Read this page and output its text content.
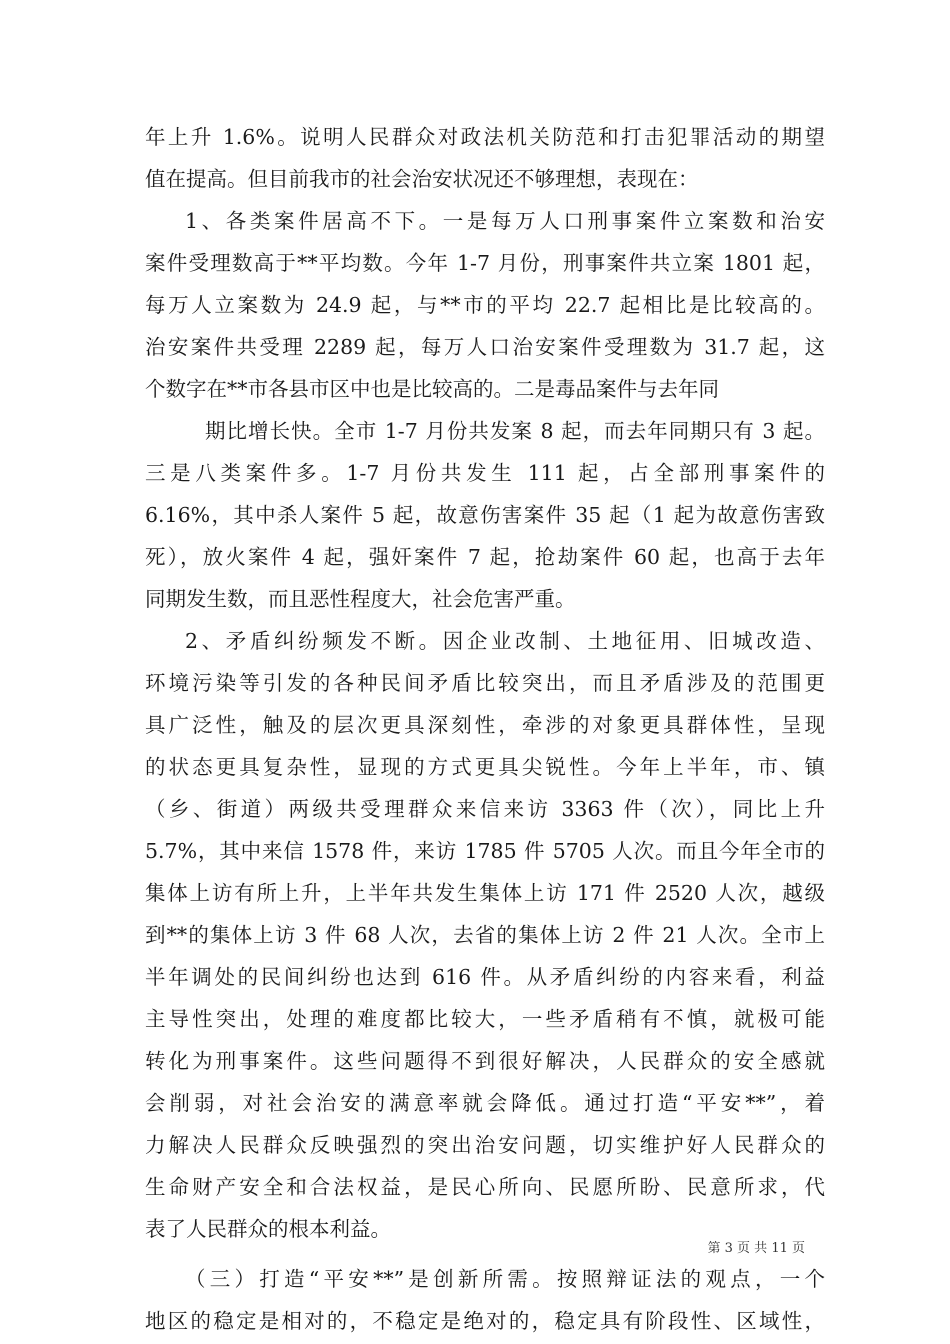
年上升 1.6%。说明人民群众对政法机关防范和打击犯罪活动的期望
值在提高。但目前我市的社会治安状况还不够理想，表现在：
1、各类案件居高不下。一是每万人口刑事案件立案数和治安
案件受理数高于**平均数。今年 1-7 月份，刑事案件共立案 1801 起，
每万人立案数为 24.9 起，与**市的平均 22.7 起相比是比较高的。
治安案件共受理 2289 起，每万人口治安案件受理数为 31.7 起，这
个数字在**市各县市区中也是比较高的。二是毒品案件与去年同
期比增长快。全市 1-7 月份共发案 8 起，而去年同期只有 3 起。
三是八类案件多。1-7 月份共发生 111 起，占全部刑事案件的
6.16%，其中杀人案件 5 起，故意伤害案件 35 起（1 起为故意伤害致
死），放火案件 4 起，强奸案件 7 起，抢劫案件 60 起，也高于去年
同期发生数，而且恶性程度大，社会危害严重。
2、矛盾纠纷频发不断。因企业改制、土地征用、旧城改造、
环境污染等引发的各种民间矛盾比较突出，而且矛盾涉及的范围更
具广泛性，触及的层次更具深刻性，牵涉的对象更具群体性，呈现
的状态更具复杂性，显现的方式更具尖锐性。今年上半年，市、镇
（乡、街道）两级共受理群众来信来访 3363 件（次），同比上升
5.7%，其中来信 1578 件，来访 1785 件 5705 人次。而且今年全市的
集体上访有所上升，上半年共发生集体上访 171 件 2520 人次，越级
到**的集体上访 3 件 68 人次，去省的集体上访 2 件 21 人次。全市上
半年调处的民间纠纷也达到 616 件。从矛盾纠纷的内容来看，利益
主导性突出，处理的难度都比较大，一些矛盾稍有不慎，就极可能
转化为刑事案件。这些问题得不到很好解决，人民群众的安全感就
会削弱，对社会治安的满意率就会降低。通过打造“平安**”，着
力解决人民群众反映强烈的突出治安问题，切实维护好人民群众的
生命财产安全和合法权益，是民心所向、民愿所盼、民意所求，代
表了人民群众的根本利益。
（三）打造“平安**”是创新所需。按照辩证法的观点，一个
地区的稳定是相对的，不稳定是绝对的，稳定具有阶段性、区域性，
第 3 页 共 11 页
